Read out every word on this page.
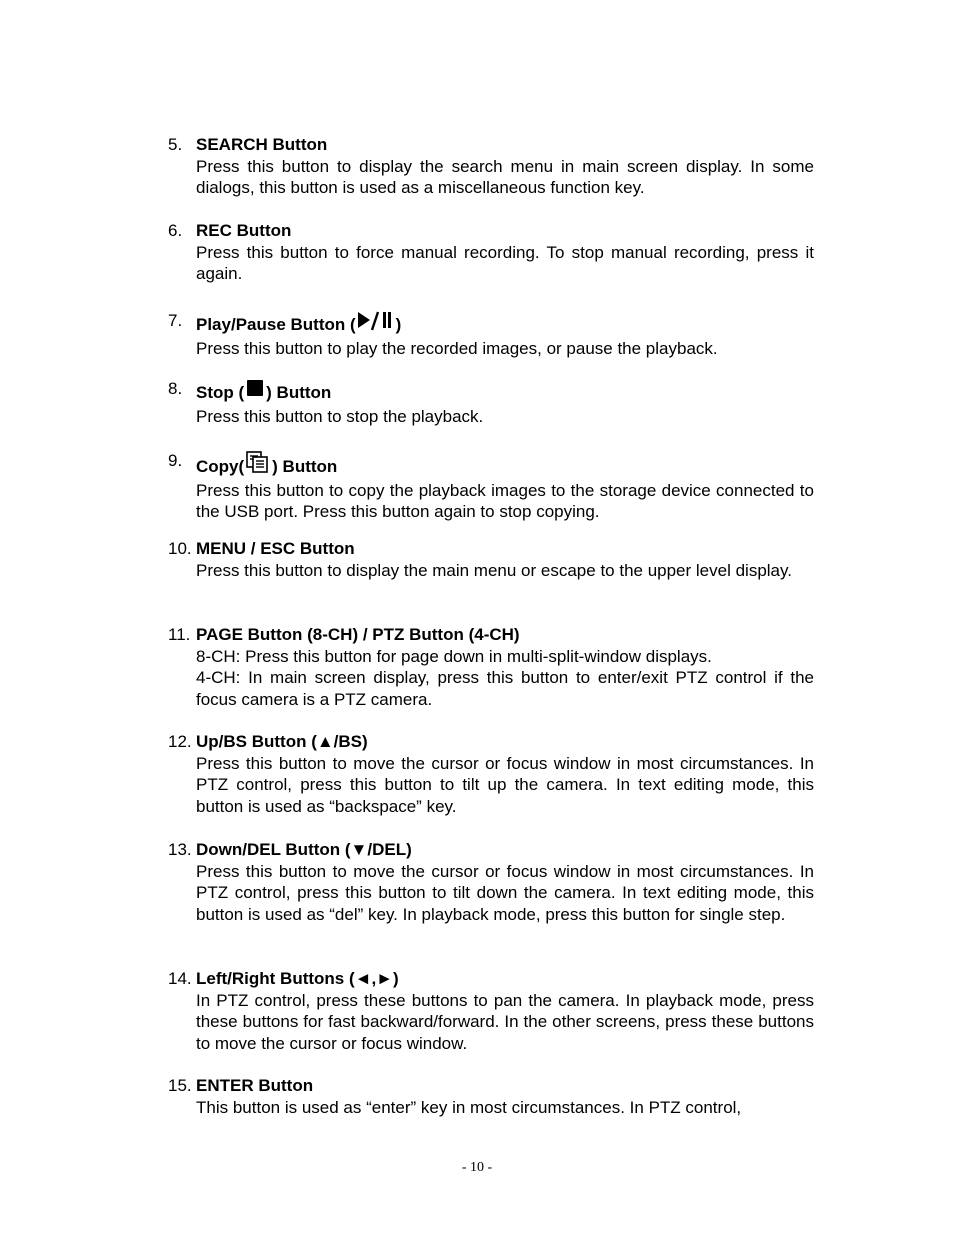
5. SEARCH Button
Press this button to display the search menu in main screen display. In some dialogs, this button is used as a miscellaneous function key.
6. REC Button
Press this button to force manual recording. To stop manual recording, press it again.
7. Play/Pause Button ( )
Press this button to play the recorded images, or pause the playback.
8. Stop ( ) Button
Press this button to stop the playback.
9. Copy( ) Button
Press this button to copy the playback images to the storage device connected to the USB port. Press this button again to stop copying.
10. MENU / ESC Button
Press this button to display the main menu or escape to the upper level display.
11. PAGE Button (8-CH) / PTZ Button (4-CH)
8-CH: Press this button for page down in multi-split-window displays.
4-CH: In main screen display, press this button to enter/exit PTZ control if the focus camera is a PTZ camera.
12. Up/BS Button (▲/BS)
Press this button to move the cursor or focus window in most circumstances. In PTZ control, press this button to tilt up the camera. In text editing mode, this button is used as “backspace” key.
13. Down/DEL Button (▼/DEL)
Press this button to move the cursor or focus window in most circumstances. In PTZ control, press this button to tilt down the camera. In text editing mode, this button is used as “del” key. In playback mode, press this button for single step.
14. Left/Right Buttons (◄,►)
In PTZ control, press these buttons to pan the camera. In playback mode, press these buttons for fast backward/forward. In the other screens, press these buttons to move the cursor or focus window.
15. ENTER Button
This button is used as “enter” key in most circumstances. In PTZ control,
- 10 -
